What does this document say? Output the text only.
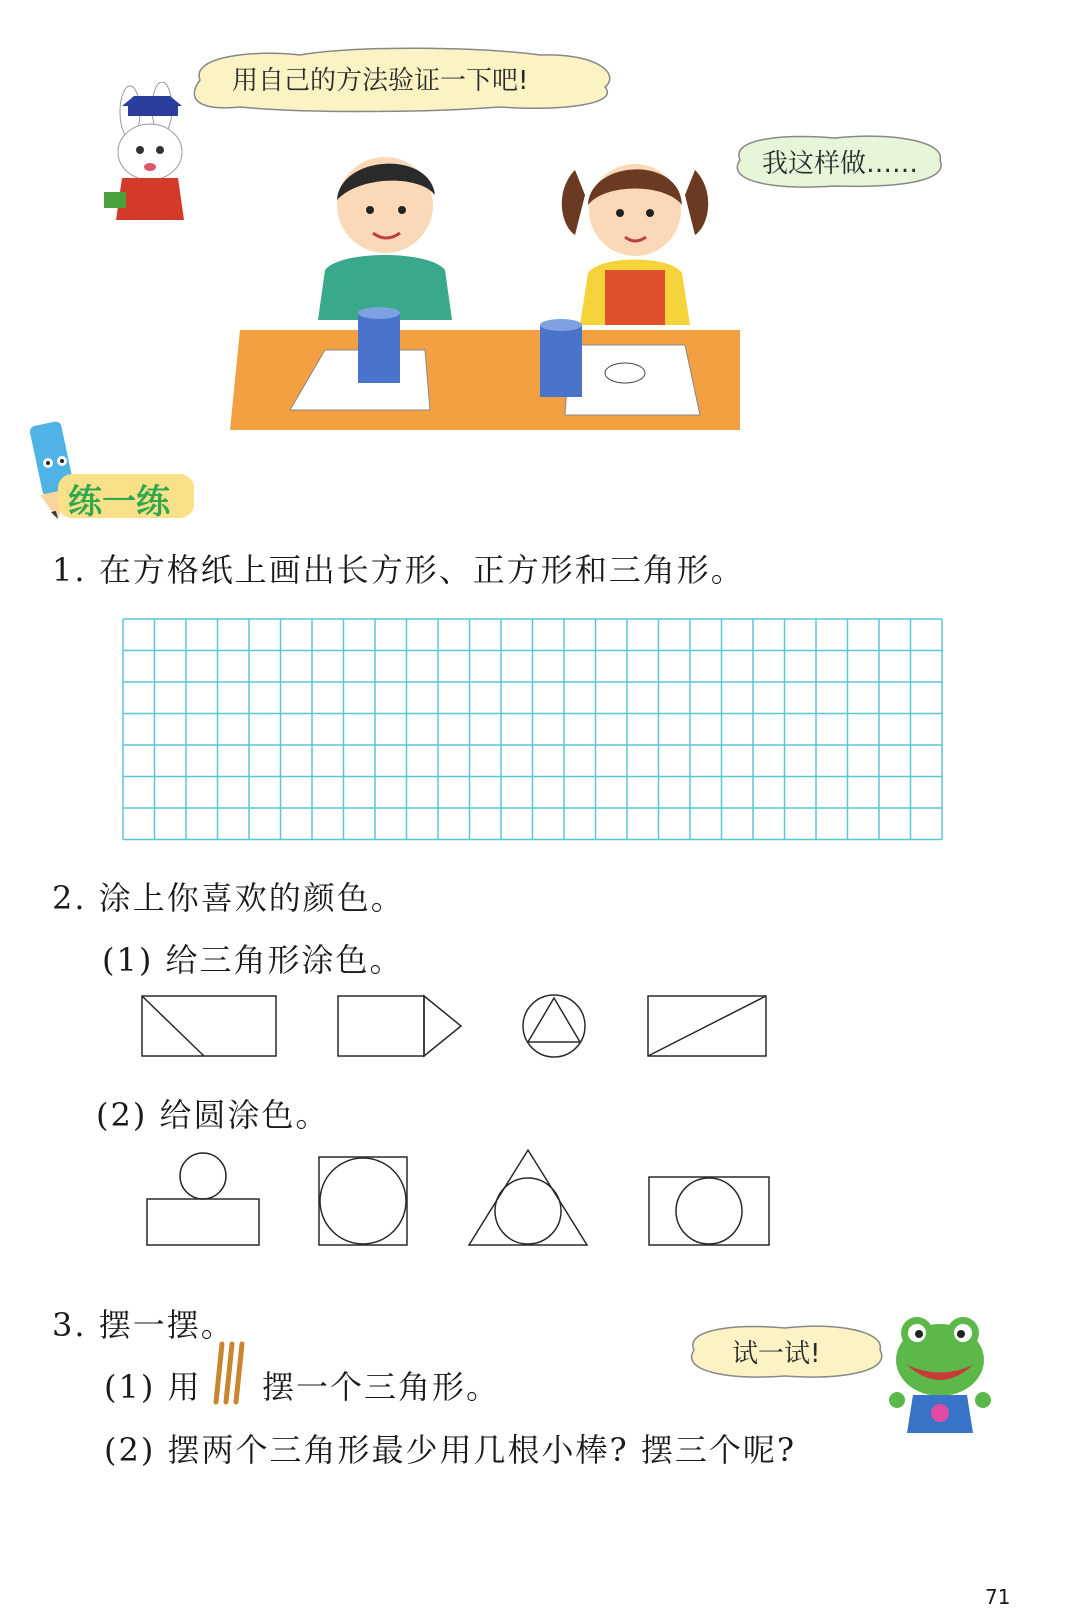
用自己的方法验证一下吧!
我这样做……
练一练
1. 在方格纸上画出长方形、正方形和三角形。
2. 涂上你喜欢的颜色。
(1) 给三角形涂色。
(2) 给圆涂色。
3. 摆一摆。
试一试!
(1) 用 摆一个三角形。
(2) 摆两个三角形最少用几根小棒? 摆三个呢?
71
